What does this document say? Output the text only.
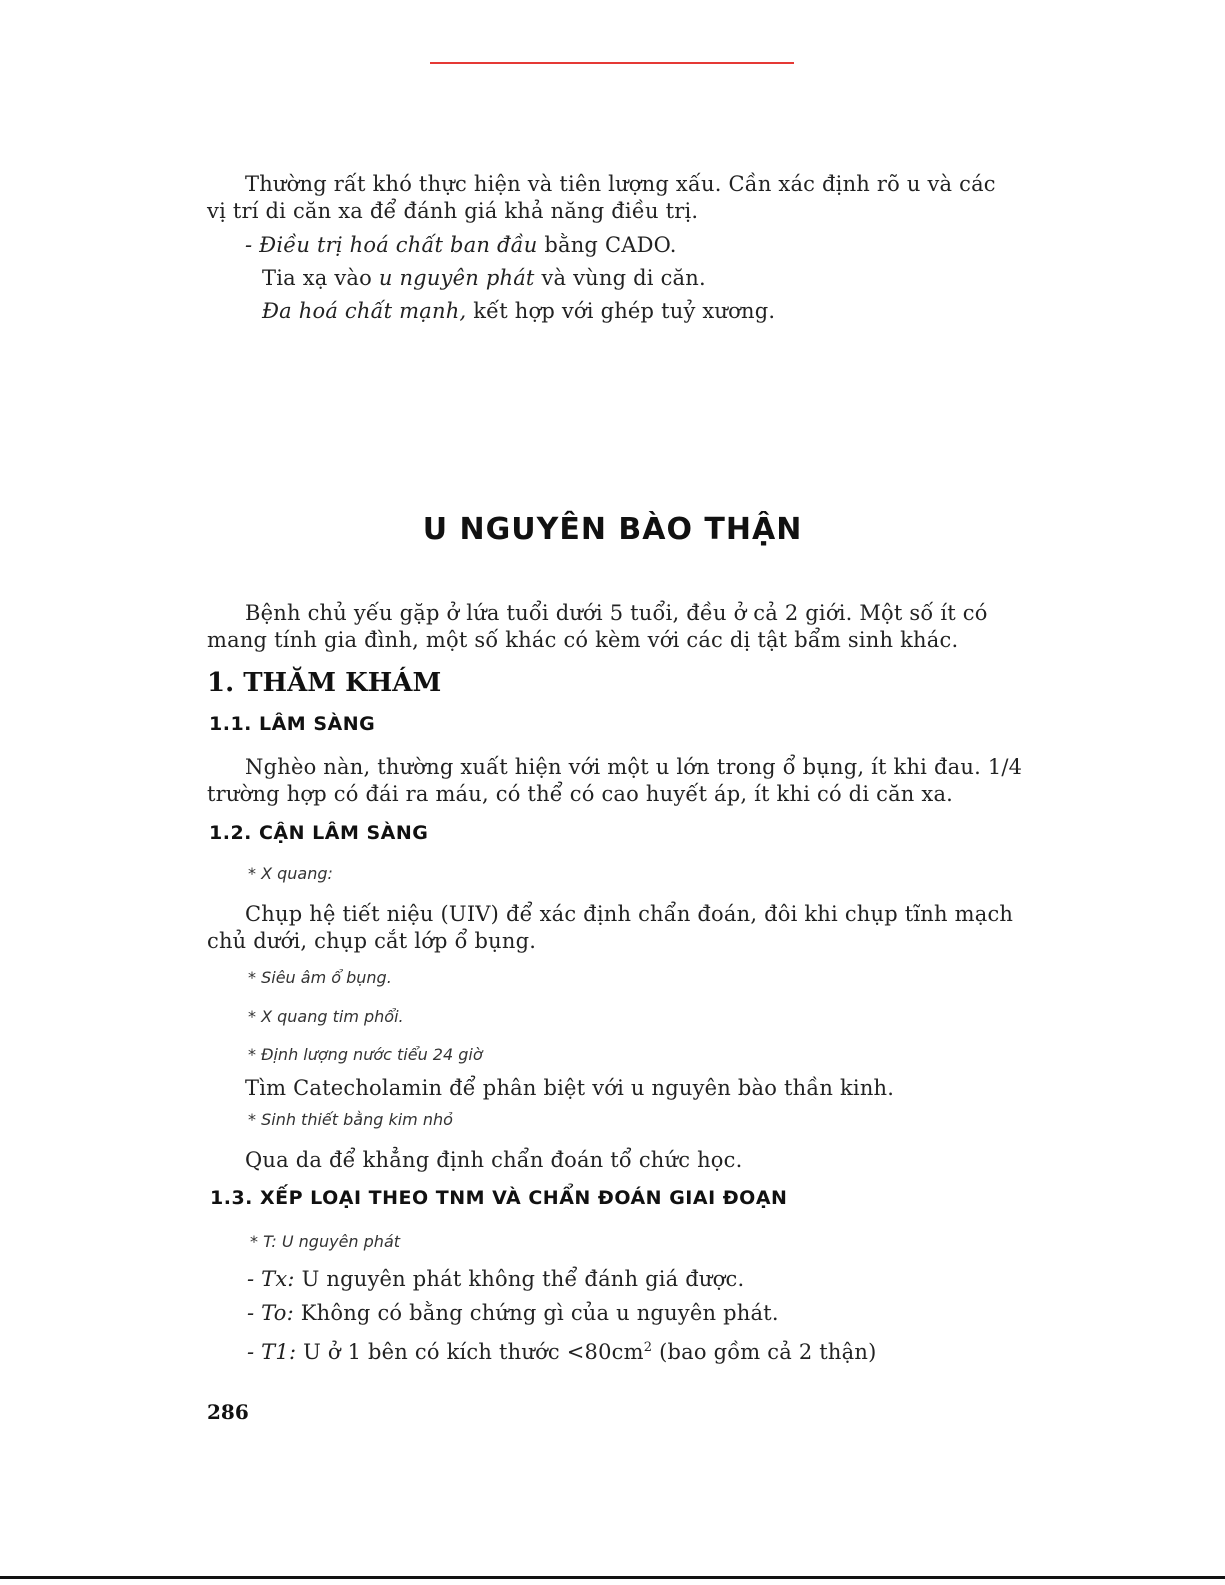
Thường rất khó thực hiện và tiên lượng xấu. Cần xác định rõ u và các
vị trí di căn xa để đánh giá khả năng điều trị.
- Điều trị hoá chất ban đầu bằng CADO.
Tia xạ vào u nguyên phát và vùng di căn.
Đa hoá chất mạnh, kết hợp với ghép tuỷ xương.
U NGUYÊN BÀO THẬN
Bệnh chủ yếu gặp ở lứa tuổi dưới 5 tuổi, đều ở cả 2 giới. Một số ít có
mang tính gia đình, một số khác có kèm với các dị tật bẩm sinh khác.
1. THĂM KHÁM
1.1. LÂM SÀNG
Nghèo nàn, thường xuất hiện với một u lớn trong ổ bụng, ít khi đau. 1/4
trường hợp có đái ra máu, có thể có cao huyết áp, ít khi có di căn xa.
1.2. CẬN LÂM SÀNG
* X quang:
Chụp hệ tiết niệu (UIV) để xác định chẩn đoán, đôi khi chụp tĩnh mạch
chủ dưới, chụp cắt lớp ổ bụng.
* Siêu âm ổ bụng.
* X quang tim phổi.
* Định lượng nước tiểu 24 giờ
Tìm Catecholamin để phân biệt với u nguyên bào thần kinh.
* Sinh thiết bằng kim nhỏ
Qua da để khẳng định chẩn đoán tổ chức học.
1.3. XẾP LOẠI THEO TNM VÀ CHẨN ĐOÁN GIAI ĐOẠN
* T: U nguyên phát
- Tx: U nguyên phát không thể đánh giá được.
- To: Không có bằng chứng gì của u nguyên phát.
- T1: U ở 1 bên có kích thước $<80cm^2$ (bao gồm cả 2 thận)
286
